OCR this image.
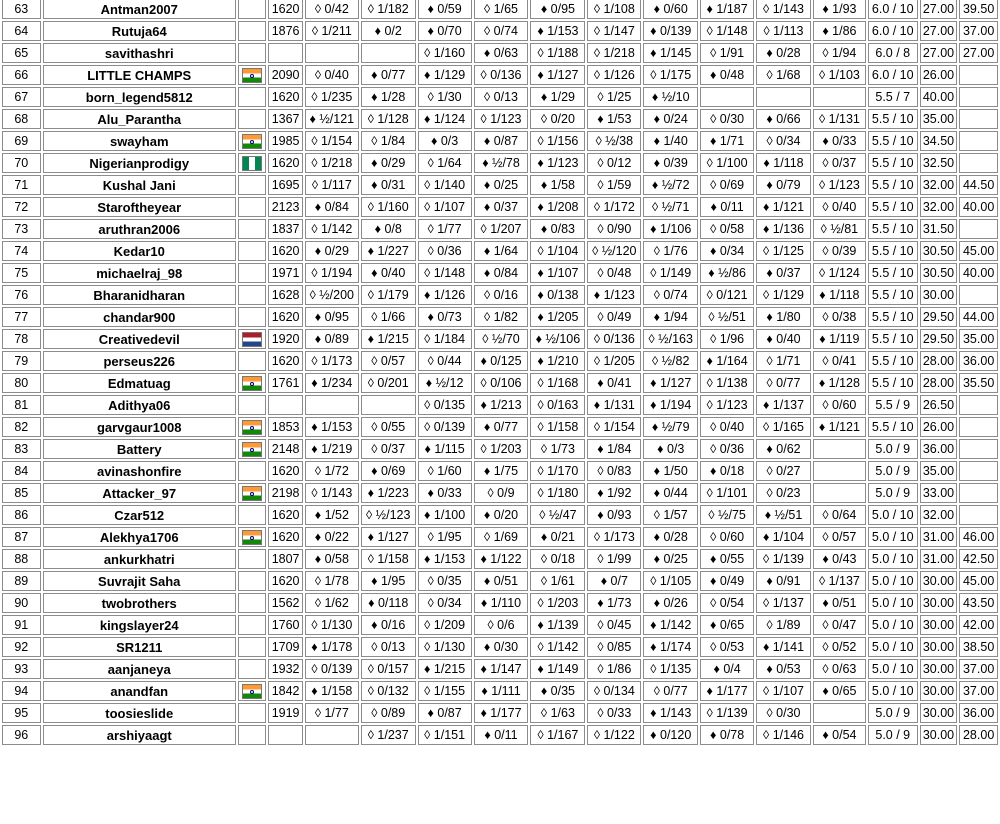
63	Antman2007		1620	◊ 0/42	◊ 1/182	♦ 0/59	◊ 1/65	♦ 0/95	◊ 1/108	♦ 0/60	♦ 1/187	◊ 1/143	♦ 1/93	6.0 / 10	27.00	39.50
64	Rutuja64		1876	◊ 1/211	♦ 0/2	♦ 0/70	◊ 0/74	♦ 1/153	◊ 1/147	♦ 0/139	◊ 1/148	◊ 1/113	♦ 1/86	6.0 / 10	27.00	37.00
65	savithashri					◊ 1/160	♦ 0/63	◊ 1/188	◊ 1/218	♦ 1/145	◊ 1/91	♦ 0/28	◊ 1/94	6.0 / 8	27.00	27.00
66	LITTLE CHAMPS		2090	◊ 0/40	♦ 0/77	♦ 1/129	◊ 0/136	♦ 1/127	◊ 1/126	◊ 1/175	♦ 0/48	◊ 1/68	◊ 1/103	6.0 / 10	26.00	
67	born_legend5812		1620	◊ 1/235	♦ 1/28	◊ 1/30	◊ 0/13	♦ 1/29	◊ 1/25	♦ ½/10				5.5 / 7	40.00	
68	Alu_Parantha		1367	♦ ½/121	◊ 1/128	♦ 1/124	◊ 1/123	◊ 0/20	♦ 1/53	♦ 0/24	◊ 0/30	♦ 0/66	◊ 1/131	5.5 / 10	35.00	
69	swayham		1985	◊ 1/154	◊ 1/84	♦ 0/3	♦ 0/87	◊ 1/156	◊ ½/38	♦ 1/40	♦ 1/71	◊ 0/34	♦ 0/33	5.5 / 10	34.50	
70	Nigerianprodigy		1620	◊ 1/218	♦ 0/29	◊ 1/64	♦ ½/78	♦ 1/123	◊ 0/12	♦ 0/39	◊ 1/100	♦ 1/118	◊ 0/37	5.5 / 10	32.50	
71	Kushal Jani		1695	◊ 1/117	♦ 0/31	◊ 1/140	♦ 0/25	♦ 1/58	◊ 1/59	♦ ½/72	◊ 0/69	♦ 0/79	◊ 1/123	5.5 / 10	32.00	44.50
72	Staroftheyear		2123	♦ 0/84	◊ 1/160	◊ 1/107	♦ 0/37	♦ 1/208	◊ 1/172	◊ ½/71	♦ 0/11	♦ 1/121	◊ 0/40	5.5 / 10	32.00	40.00
73	aruthran2006		1837	◊ 1/142	♦ 0/8	◊ 1/77	◊ 1/207	♦ 0/83	◊ 0/90	♦ 1/106	◊ 0/58	♦ 1/136	◊ ½/81	5.5 / 10	31.50	
74	Kedar10		1620	♦ 0/29	♦ 1/227	◊ 0/36	♦ 1/64	◊ 1/104	◊ ½/120	◊ 1/76	♦ 0/34	◊ 1/125	◊ 0/39	5.5 / 10	30.50	45.00
75	michaelraj_98		1971	◊ 1/194	♦ 0/40	◊ 1/148	♦ 0/84	♦ 1/107	◊ 0/48	◊ 1/149	♦ ½/86	♦ 0/37	◊ 1/124	5.5 / 10	30.50	40.00
76	Bharanidharan		1628	◊ ½/200	◊ 1/179	♦ 1/126	◊ 0/16	♦ 0/138	♦ 1/123	◊ 0/74	◊ 0/121	◊ 1/129	♦ 1/118	5.5 / 10	30.00	
77	chandar900		1620	♦ 0/95	◊ 1/66	♦ 0/73	◊ 1/82	♦ 1/205	◊ 0/49	♦ 1/94	◊ ½/51	♦ 1/80	◊ 0/38	5.5 / 10	29.50	44.00
78	Creativedevil		1920	♦ 0/89	♦ 1/215	◊ 1/184	◊ ½/70	♦ ½/106	◊ 0/136	◊ ½/163	◊ 1/96	♦ 0/40	♦ 1/119	5.5 / 10	29.50	35.00
79	perseus226		1620	◊ 1/173	◊ 0/57	◊ 0/44	♦ 0/125	♦ 1/210	◊ 1/205	◊ ½/82	♦ 1/164	◊ 1/71	◊ 0/41	5.5 / 10	28.00	36.00
80	Edmatuag		1761	♦ 1/234	◊ 0/201	♦ ½/12	◊ 0/106	◊ 1/168	♦ 0/41	♦ 1/127	◊ 1/138	◊ 0/77	♦ 1/128	5.5 / 10	28.00	35.50
81	Adithya06					◊ 0/135	♦ 1/213	◊ 0/163	♦ 1/131	♦ 1/194	◊ 1/123	♦ 1/137	◊ 0/60	5.5 / 9	26.50	
82	garvgaur1008		1853	♦ 1/153	◊ 0/55	◊ 0/139	♦ 0/77	◊ 1/158	◊ 1/154	♦ ½/79	◊ 0/40	◊ 1/165	♦ 1/121	5.5 / 10	26.00	
83	Battery		2148	♦ 1/219	◊ 0/37	♦ 1/115	◊ 1/203	◊ 1/73	♦ 1/84	♦ 0/3	◊ 0/36	♦ 0/62		5.0 / 9	36.00	
84	avinashonfire		1620	◊ 1/72	♦ 0/69	◊ 1/60	♦ 1/75	◊ 1/170	◊ 0/83	♦ 1/50	♦ 0/18	◊ 0/27		5.0 / 9	35.00	
85	Attacker_97		2198	◊ 1/143	♦ 1/223	♦ 0/33	◊ 0/9	◊ 1/180	♦ 1/92	♦ 0/44	◊ 1/101	◊ 0/23		5.0 / 9	33.00	
86	Czar512		1620	♦ 1/52	◊ ½/123	♦ 1/100	♦ 0/20	◊ ½/47	♦ 0/93	◊ 1/57	◊ ½/75	♦ ½/51	◊ 0/64	5.0 / 10	32.00	
87	Alekhya1706		1620	♦ 0/22	♦ 1/127	◊ 1/95	◊ 1/69	♦ 0/21	◊ 1/173	♦ 0/28	◊ 0/60	♦ 1/104	◊ 0/57	5.0 / 10	31.00	46.00
88	ankurkhatri		1807	♦ 0/58	◊ 1/158	♦ 1/153	♦ 1/122	◊ 0/18	◊ 1/99	♦ 0/25	♦ 0/55	◊ 1/139	♦ 0/43	5.0 / 10	31.00	42.50
89	Suvrajit Saha		1620	◊ 1/78	♦ 1/95	◊ 0/35	♦ 0/51	◊ 1/61	♦ 0/7	◊ 1/105	♦ 0/49	♦ 0/91	◊ 1/137	5.0 / 10	30.00	45.00
90	twobrothers		1562	◊ 1/62	♦ 0/118	◊ 0/34	♦ 1/110	◊ 1/203	♦ 1/73	♦ 0/26	◊ 0/54	◊ 1/137	♦ 0/51	5.0 / 10	30.00	43.50
91	kingslayer24		1760	◊ 1/130	♦ 0/16	◊ 1/209	◊ 0/6	♦ 1/139	◊ 0/45	♦ 1/142	♦ 0/65	◊ 1/89	◊ 0/47	5.0 / 10	30.00	42.00
92	SR1211		1709	♦ 1/178	◊ 0/13	◊ 1/130	♦ 0/30	◊ 1/142	◊ 0/85	♦ 1/174	◊ 0/53	♦ 1/141	◊ 0/52	5.0 / 10	30.00	38.50
93	aanjaneya		1932	◊ 0/139	◊ 0/157	♦ 1/215	♦ 1/147	♦ 1/149	◊ 1/86	◊ 1/135	♦ 0/4	♦ 0/53	◊ 0/63	5.0 / 10	30.00	37.00
94	anandfan		1842	♦ 1/158	◊ 0/132	◊ 1/155	♦ 1/111	♦ 0/35	◊ 0/134	◊ 0/77	♦ 1/177	◊ 1/107	♦ 0/65	5.0 / 10	30.00	37.00
95	toosieslide		1919	◊ 1/77	◊ 0/89	♦ 0/87	♦ 1/177	◊ 1/63	◊ 0/33	♦ 1/143	◊ 1/139	◊ 0/30		5.0 / 9	30.00	36.00
96	arshiyaagt				◊ 1/237	◊ 1/151	♦ 0/11	◊ 1/167	◊ 1/122	♦ 0/120	♦ 0/78	◊ 1/146	♦ 0/54	5.0 / 9	30.00	28.00
